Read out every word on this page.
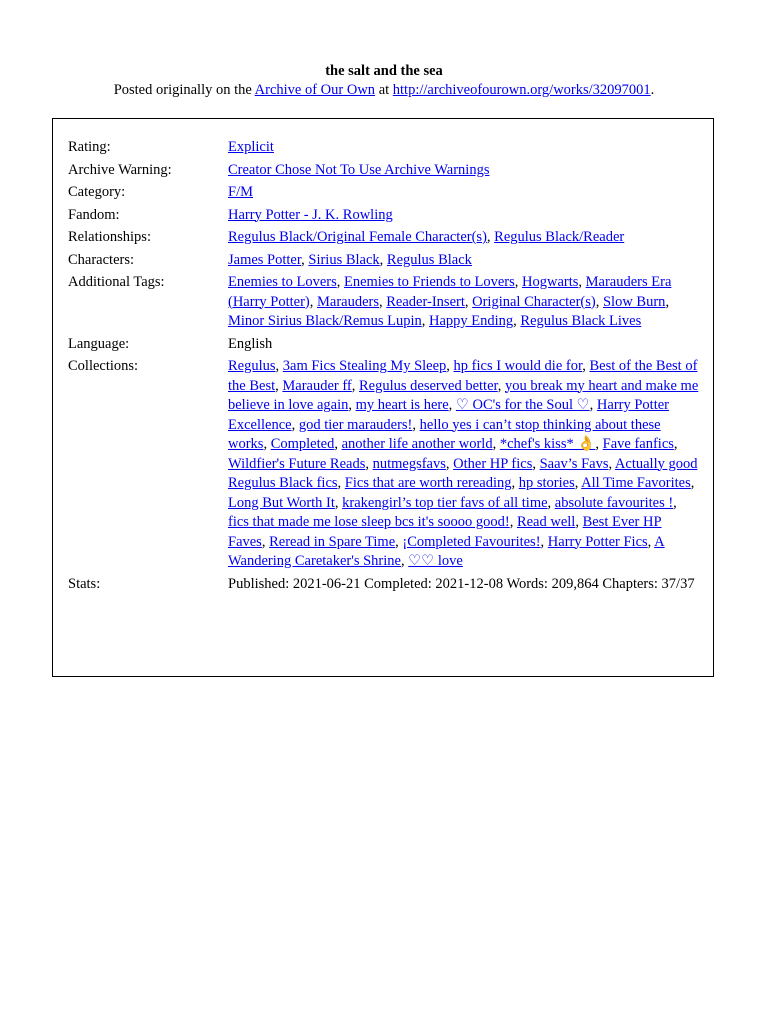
the salt and the sea
Posted originally on the Archive of Our Own at http://archiveofourown.org/works/32097001.
Rating:	Explicit
Archive Warning:	Creator Chose Not To Use Archive Warnings
Category:	F/M
Fandom:	Harry Potter - J. K. Rowling
Relationships:	Regulus Black/Original Female Character(s), Regulus Black/Reader
Characters:	James Potter, Sirius Black, Regulus Black
Additional Tags:	Enemies to Lovers, Enemies to Friends to Lovers, Hogwarts, Marauders Era (Harry Potter), Marauders, Reader-Insert, Original Character(s), Slow Burn, Minor Sirius Black/Remus Lupin, Happy Ending, Regulus Black Lives
Language:	English
Collections:	Regulus, 3am Fics Stealing My Sleep, hp fics I would die for, Best of the Best of the Best, Marauder ff, Regulus deserved better, you break my heart and make me believe in love again, my heart is here, ♡ OC's for the Soul ♡, Harry Potter Excellence, god tier marauders!, hello yes i can’t stop thinking about these works, Completed, another life another world, *chef's kiss* 👌, Fave fanfics, Wildfier's Future Reads, nutmegsfavs, Other HP fics, Saav’s Favs, Actually good Regulus Black fics, Fics that are worth rereading, hp stories, All Time Favorites, Long But Worth It, krakengirl’s top tier favs of all time, absolute favourites !, fics that made me lose sleep bcs it's soooo good!, Read well, Best Ever HP Faves, Reread in Spare Time, ¡Completed Favourites!, Harry Potter Fics, A Wandering Caretaker's Shrine, ♡♡ love
Stats:	Published: 2021-06-21 Completed: 2021-12-08 Words: 209,864 Chapters: 37/37
